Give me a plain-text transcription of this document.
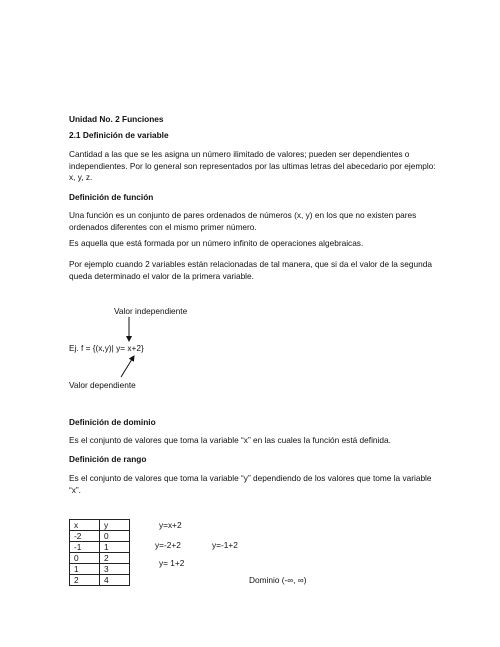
Unidad No. 2 Funciones

2.1 Definición de variable

Cantidad a las que se les asigna un número ilimitado de valores; pueden ser dependientes o independientes. Por lo general son representados por las ultimas letras del abecedario por ejemplo: x, y, z.

Definición de función

Una función es un conjunto de pares ordenados de números (x, y) en los que no existen pares ordenados diferentes con el mismo primer número.

Es aquella que está formada por un número infinito de operaciones algebraicas.

Por ejemplo cuando 2 variables están relacionadas de tal manera, que si da el valor de la segunda queda determinado el valor de la primera variable.

Valor independiente
Ej. f = {(x,y)| y= x+2}
Valor dependiente

Definición de dominio

Es el conjunto de valores que toma la variable “x” en las cuales la función está definida.

Definición de rango

Es el conjunto de valores que toma la variable “y” dependiendo de los valores que tome la variable “x”.

x	y
-2	0
-1	1
0	2
1	3
2	4
y=x+2
y=-2+2	y=-1+2
y= 1+2
Dominio (-∞, ∞)
